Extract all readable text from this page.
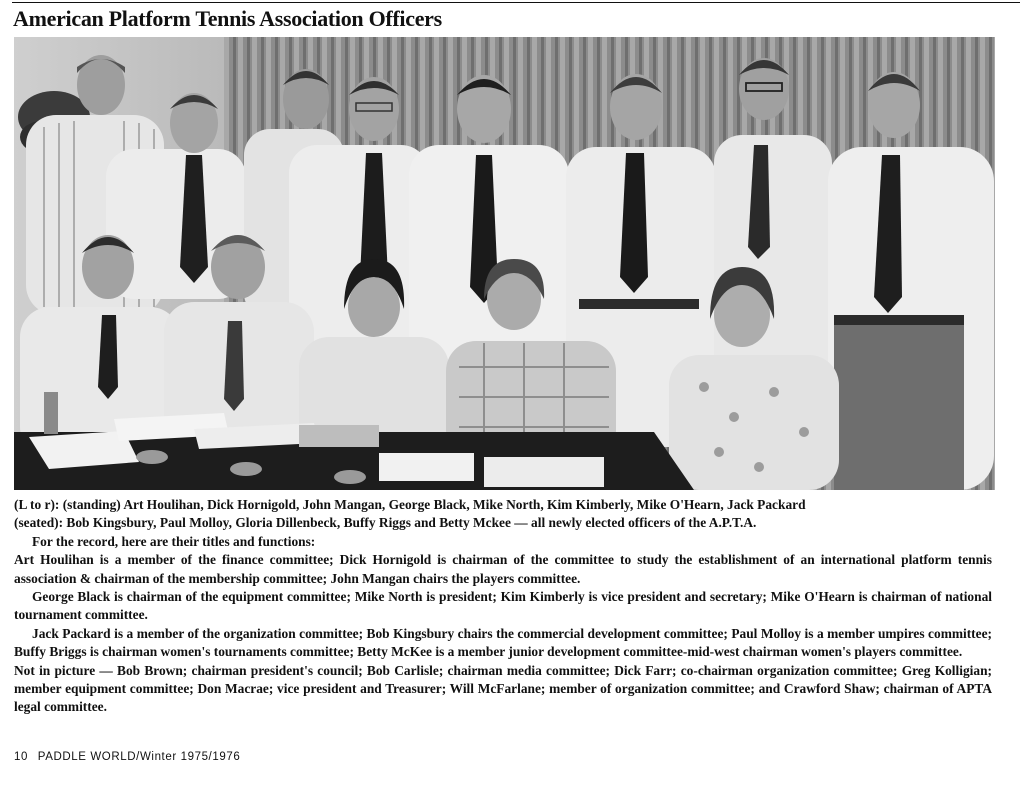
American Platform Tennis Association Officers

(L to r): (standing) Art Houlihan, Dick Hornigold, John Mangan, George Black, Mike North, Kim Kimberly, Mike O'Hearn, Jack Packard

(seated): Bob Kingsbury, Paul Molloy, Gloria Dillenbeck, Buffy Riggs and Betty Mckee — all newly elected officers of the A.P.T.A.

For the record, here are their titles and functions:

Art Houlihan is a member of the finance committee; Dick Hornigold is chairman of the committee to study the establishment of an international platform tennis association & chairman of the membership committee; John Mangan chairs the players committee.

George Black is chairman of the equipment committee; Mike North is president; Kim Kimberly is vice president and secretary; Mike O'Hearn is chairman of national tournament committee.

Jack Packard is a member of the organization committee; Bob Kingsbury chairs the commercial development committee; Paul Molloy is a member umpires committee; Buffy Briggs is chairman women's tournaments committee; Betty McKee is a member junior development committee-mid-west chairman women's players committee.

Not in picture — Bob Brown; chairman president's council; Bob Carlisle; chairman media committee; Dick Farr; co-chairman organization committee; Greg Kolligian; member equipment committee; Don Macrae; vice president and Treasurer; Will McFarlane; member of organization committee; and Crawford Shaw; chairman of APTA legal committee.

10 PADDLE WORLD/Winter 1975/1976
